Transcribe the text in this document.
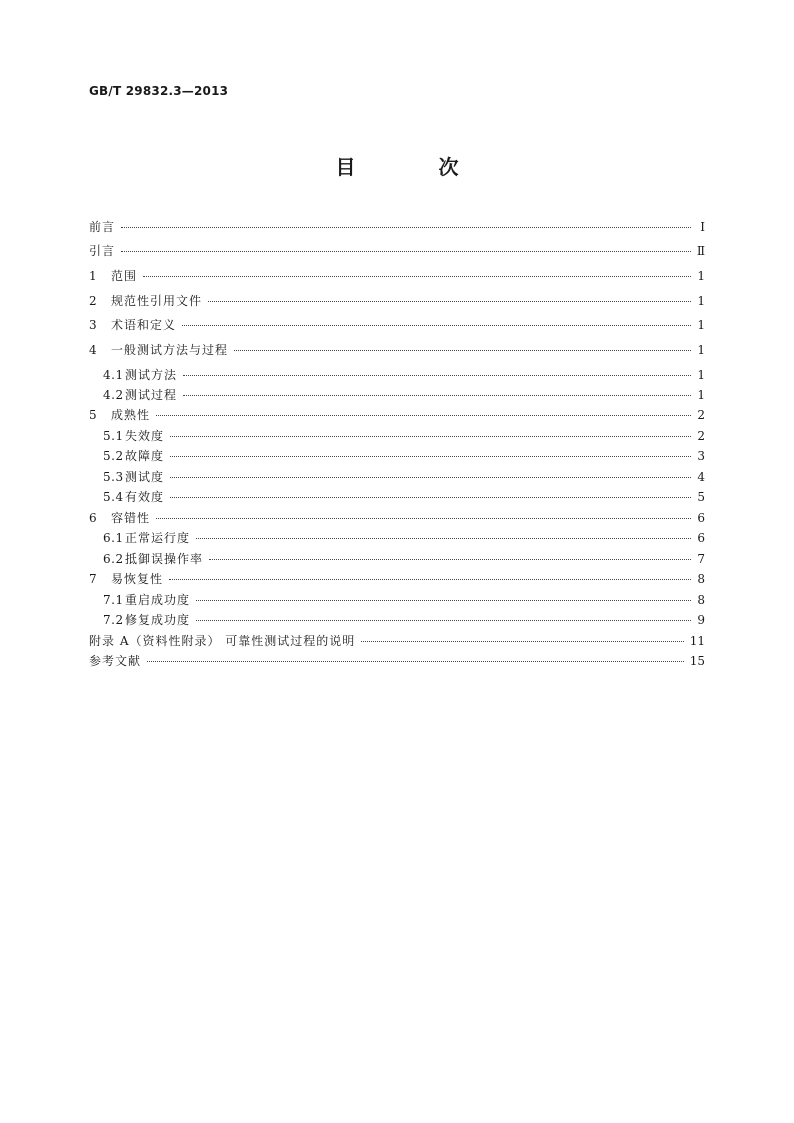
GB/T 29832.3—2013
目 次
前言	Ⅰ
引言	Ⅱ
1	范围	1
2	规范性引用文件	1
3	术语和定义	1
4	一般测试方法与过程	1
4.1 测试方法	1
4.2 测试过程	1
5	成熟性	2
5.1 失效度	2
5.2 故障度	3
5.3 测试度	4
5.4 有效度	5
6	容错性	6
6.1 正常运行度	6
6.2 抵御误操作率	7
7	易恢复性	8
7.1 重启成功度	8
7.2 修复成功度	9
附录 A（资料性附录） 可靠性测试过程的说明	11
参考文献	15
